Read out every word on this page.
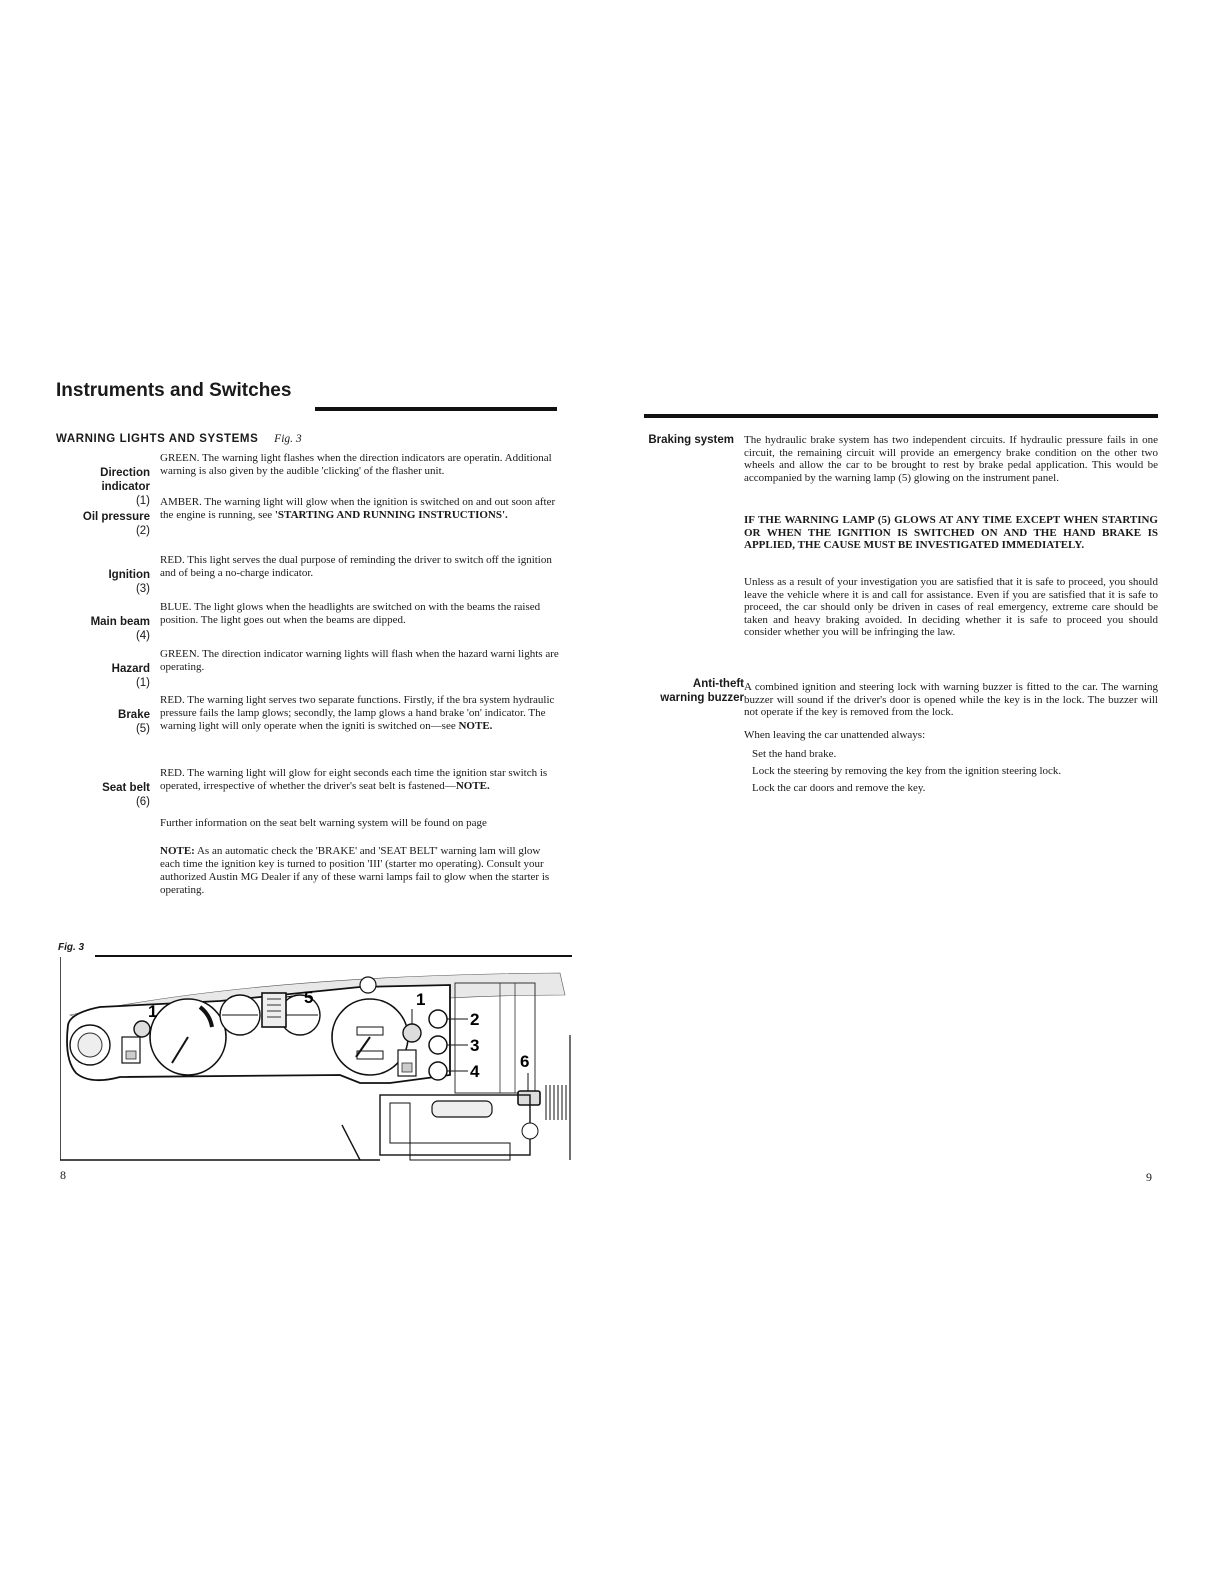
Instruments and Switches
WARNING LIGHTS AND SYSTEMS Fig. 3

Direction
indicator

(1)

GREEN. The warning light flashes when the direction indicators are operatin. Additional warning is also given by the audible 'clicking' of the flasher unit.

Oil pressure

(2)

AMBER. The warning light will glow when the ignition is switched on and out soon after the engine is running, see 'STARTING AND RUNNING INSTRUCTIONS'.

Ignition

(3)

RED. This light serves the dual purpose of reminding the driver to switch off the ignition and of being a no-charge indicator.

Main beam

(4)

BLUE. The light glows when the headlights are switched on with the beams the raised position. The light goes out when the beams are dipped.

Hazard

(1)

GREEN. The direction indicator warning lights will flash when the hazard warni lights are operating.

Brake

(5)

RED. The warning light serves two separate functions. Firstly, if the bra system hydraulic pressure fails the lamp glows; secondly, the lamp glows a hand brake 'on' indicator. The warning light will only operate when the igniti is switched on—see NOTE.

Seat belt

(6)

RED. The warning light will glow for eight seconds each time the ignition star switch is operated, irrespective of whether the driver's seat belt is fastened—NOTE.
Further information on the seat belt warning system will be found on page
NOTE: As an automatic check the 'BRAKE' and 'SEAT BELT' warning lam will glow each time the ignition key is turned to position 'III' (starter mo operating). Consult your authorized Austin MG Dealer if any of these warni lamps fail to glow when the starter is operating.
Fig. 3
1
5	1
2
3
4
6
8
Braking system The hydraulic brake system has two independent circuits. If hydraulic pressure fails in one circuit, the remaining circuit will provide an emergency brake condition on the other two wheels and allow the car to be brought to rest by brake pedal application. This would be accompanied by the warning lamp (5) glowing on the instrument panel.
IF THE WARNING LAMP (5) GLOWS AT ANY TIME EXCEPT WHEN STARTING OR WHEN THE IGNITION IS SWITCHED ON AND THE HAND BRAKE IS APPLIED, THE CAUSE MUST BE INVESTIGATED IMMEDIATELY.
Unless as a result of your investigation you are satisfied that it is safe to proceed, you should leave the vehicle where it is and call for assistance. Even if you are satisfied that it is safe to proceed, the car should only be driven in cases of real emergency, extreme care should be taken and heavy braking avoided. In deciding whether it is safe to proceed you should consider whether you will be infringing the law.
Anti-theft
warning buzzer
A combined ignition and steering lock with warning buzzer is fitted to the car. The warning buzzer will sound if the driver's door is opened while the key is in the lock. The buzzer will not operate if the key is removed from the lock.
When leaving the car unattended always:
Set the hand brake.
Lock the steering by removing the key from the ignition steering lock.
Lock the car doors and remove the key.
9
